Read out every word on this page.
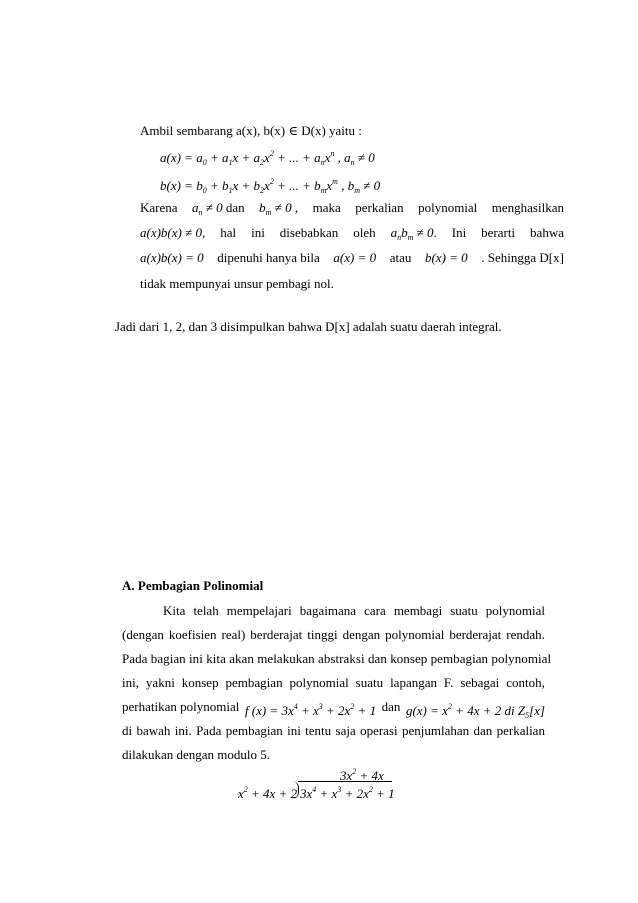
Ambil sembarang a(x), b(x) ∈ D(x) yaitu :
$a(x) = a_0 + a_1x + a_2x^2$ + ... + $a_nx^n$ , $a_n \ne 0$
$b(x) = b_0 + b_1x + b_2x^2$ + ... + $b_mx^m$ , $b_m \ne 0$
Karena $a_n \ne 0$ dan $b_m \ne 0$ , maka perkalian polynomial menghasilkan
a(x)b(x) ≠ 0, hal ini disebabkan oleh $a_nb_m \ne 0$. Ini berarti bahwa
a(x)b(x) = 0 dipenuhi hanya bila a(x) = 0 atau b(x) = 0 . Sehingga D[x]
tidak mempunyai unsur pembagi nol.
Jadi dari 1, 2, dan 3 disimpulkan bahwa D[x] adalah suatu daerah integral.
A. Pembagian Polinomial
Kita telah mempelajari bagaimana cara membagi suatu polynomial
(dengan koefisien real) berderajat tinggi dengan polynomial berderajat rendah.
Pada bagian ini kita akan melakukan abstraksi dan konsep pembagian polynomial
ini, yakni konsep pembagian polynomial suatu lapangan F. sebagai contoh,
perhatikan polynomial f $(x) = 3x^4 + x^3 + 2x^2 + 1$ dan $g(x) = x^2 + 4x + 2$ di $Z_5[x]$
di bawah ini. Pada pembagian ini tentu saja operasi penjumlahan dan perkalian
dilakukan dengan modulo 5.
$3x^2 + 4x$
$x^2 + 4x + 2$ $3x^4 + x^3 + 2x^2 + 1$
